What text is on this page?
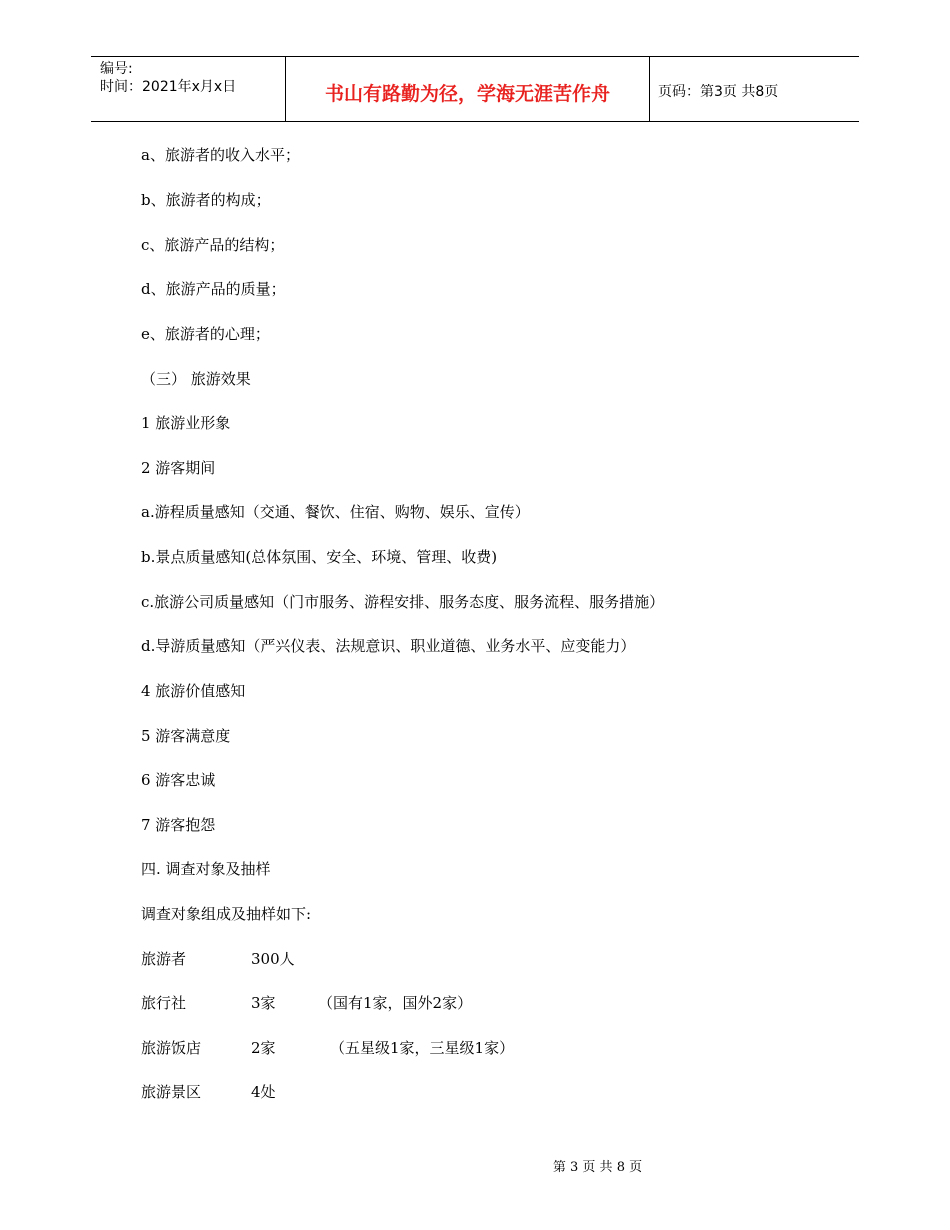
编号:
时间：2021年x月x日	书山有路勤为径，学海无涯苦作舟	页码：第3页 共8页
a、旅游者的收入水平；
b、旅游者的构成；
c、旅游产品的结构；
d、旅游产品的质量；
e、旅游者的心理；
（三） 旅游效果
1 旅游业形象
2 游客期间
a.游程质量感知（交通、餐饮、住宿、购物、娱乐、宣传）
b.景点质量感知(总体氛围、安全、环境、管理、收费)
c.旅游公司质量感知（门市服务、游程安排、服务态度、服务流程、服务措施）
d.导游质量感知（严兴仪表、法规意识、职业道德、业务水平、应变能力）
4 旅游价值感知
5 游客满意度
6 游客忠诚
7 游客抱怨
四. 调查对象及抽样
调查对象组成及抽样如下:
旅游者	300人
旅行社	3家	（国有1家，国外2家）
旅游饭店	2家	（五星级1家，三星级1家）
旅游景区	4处
第 3 页 共 8 页
